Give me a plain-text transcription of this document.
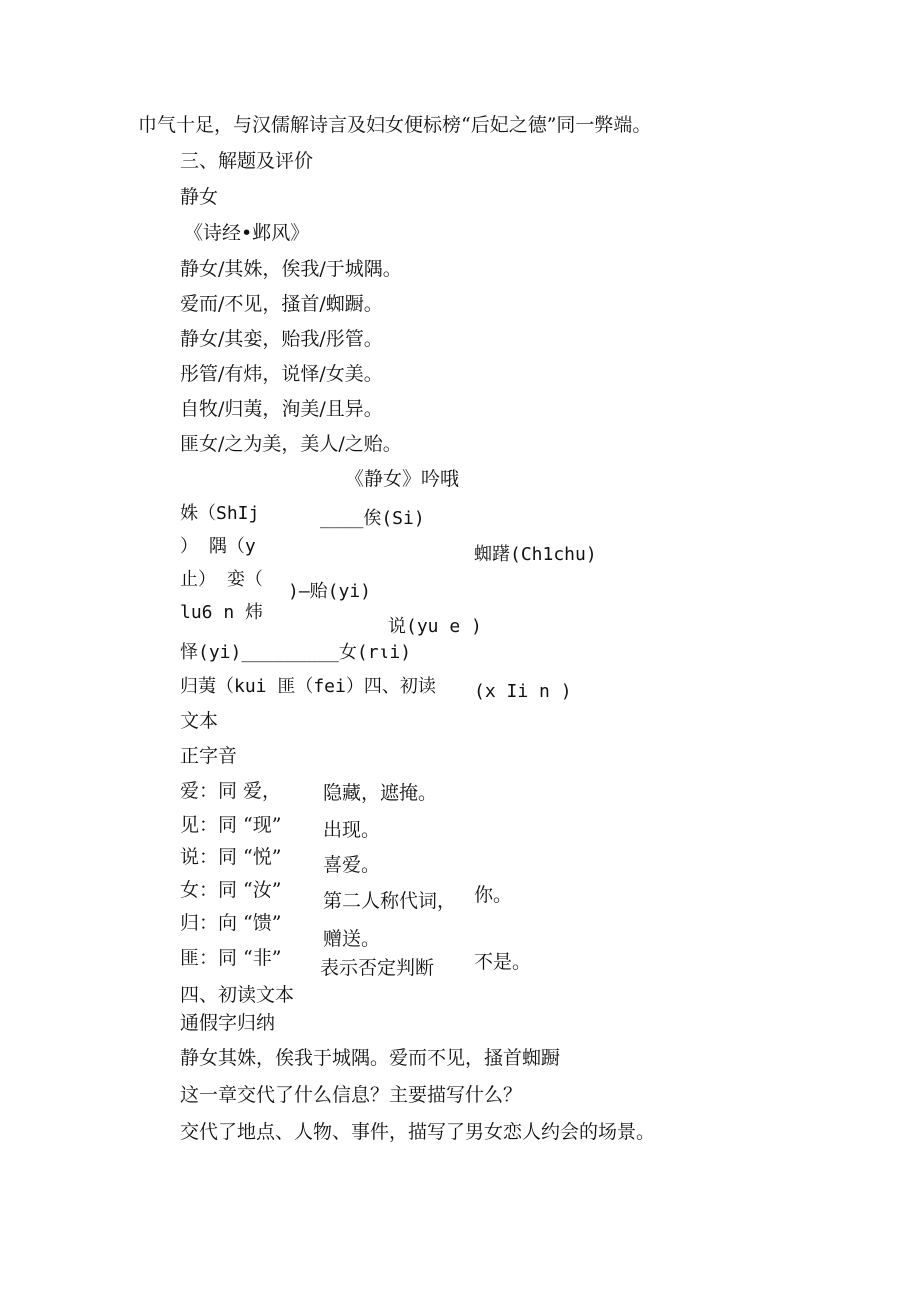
巾气十足，与汉儒解诗言及妇女便标榜“后妃之德”同一弊端。
三、解题及评价
静女
《诗经•邺风》
静女/其姝，俟我/于城隅。
爱而/不见，搔首/蜘蹰。
静女/其娈，贻我/彤管。
彤管/有炜，说怿/女美。
自牧/归荑，洵美/且异。
匪女/之为美，美人/之贻。
《静女》吟哦
姝（ShIj	____俟(Si)
） 隅（y	蜘躇(Ch1chu)
止） 娈（
)—贻(yi)
lu6 n 炜
说(yu e )
怿(yi)_________女(rιi)
归荑（kui 匪（fei）四、初读 (x Ii n )
文本
正字音
爱：同 爱， 隐藏，遮掩。
见：同 “现” 出现。
说：同 “悦” 喜爱。
女：同 “汝” 第二人称代词， 你。
归：向 “馈”
赠送。
匪：同 “非” 表示否定判断 不是。
四、初读文本
通假字归纳
静女其姝，俟我于城隅。爱而不见，搔首蜘蹰
这一章交代了什么信息？主要描写什么？
交代了地点、人物、事件，描写了男女恋人约会的场景。
